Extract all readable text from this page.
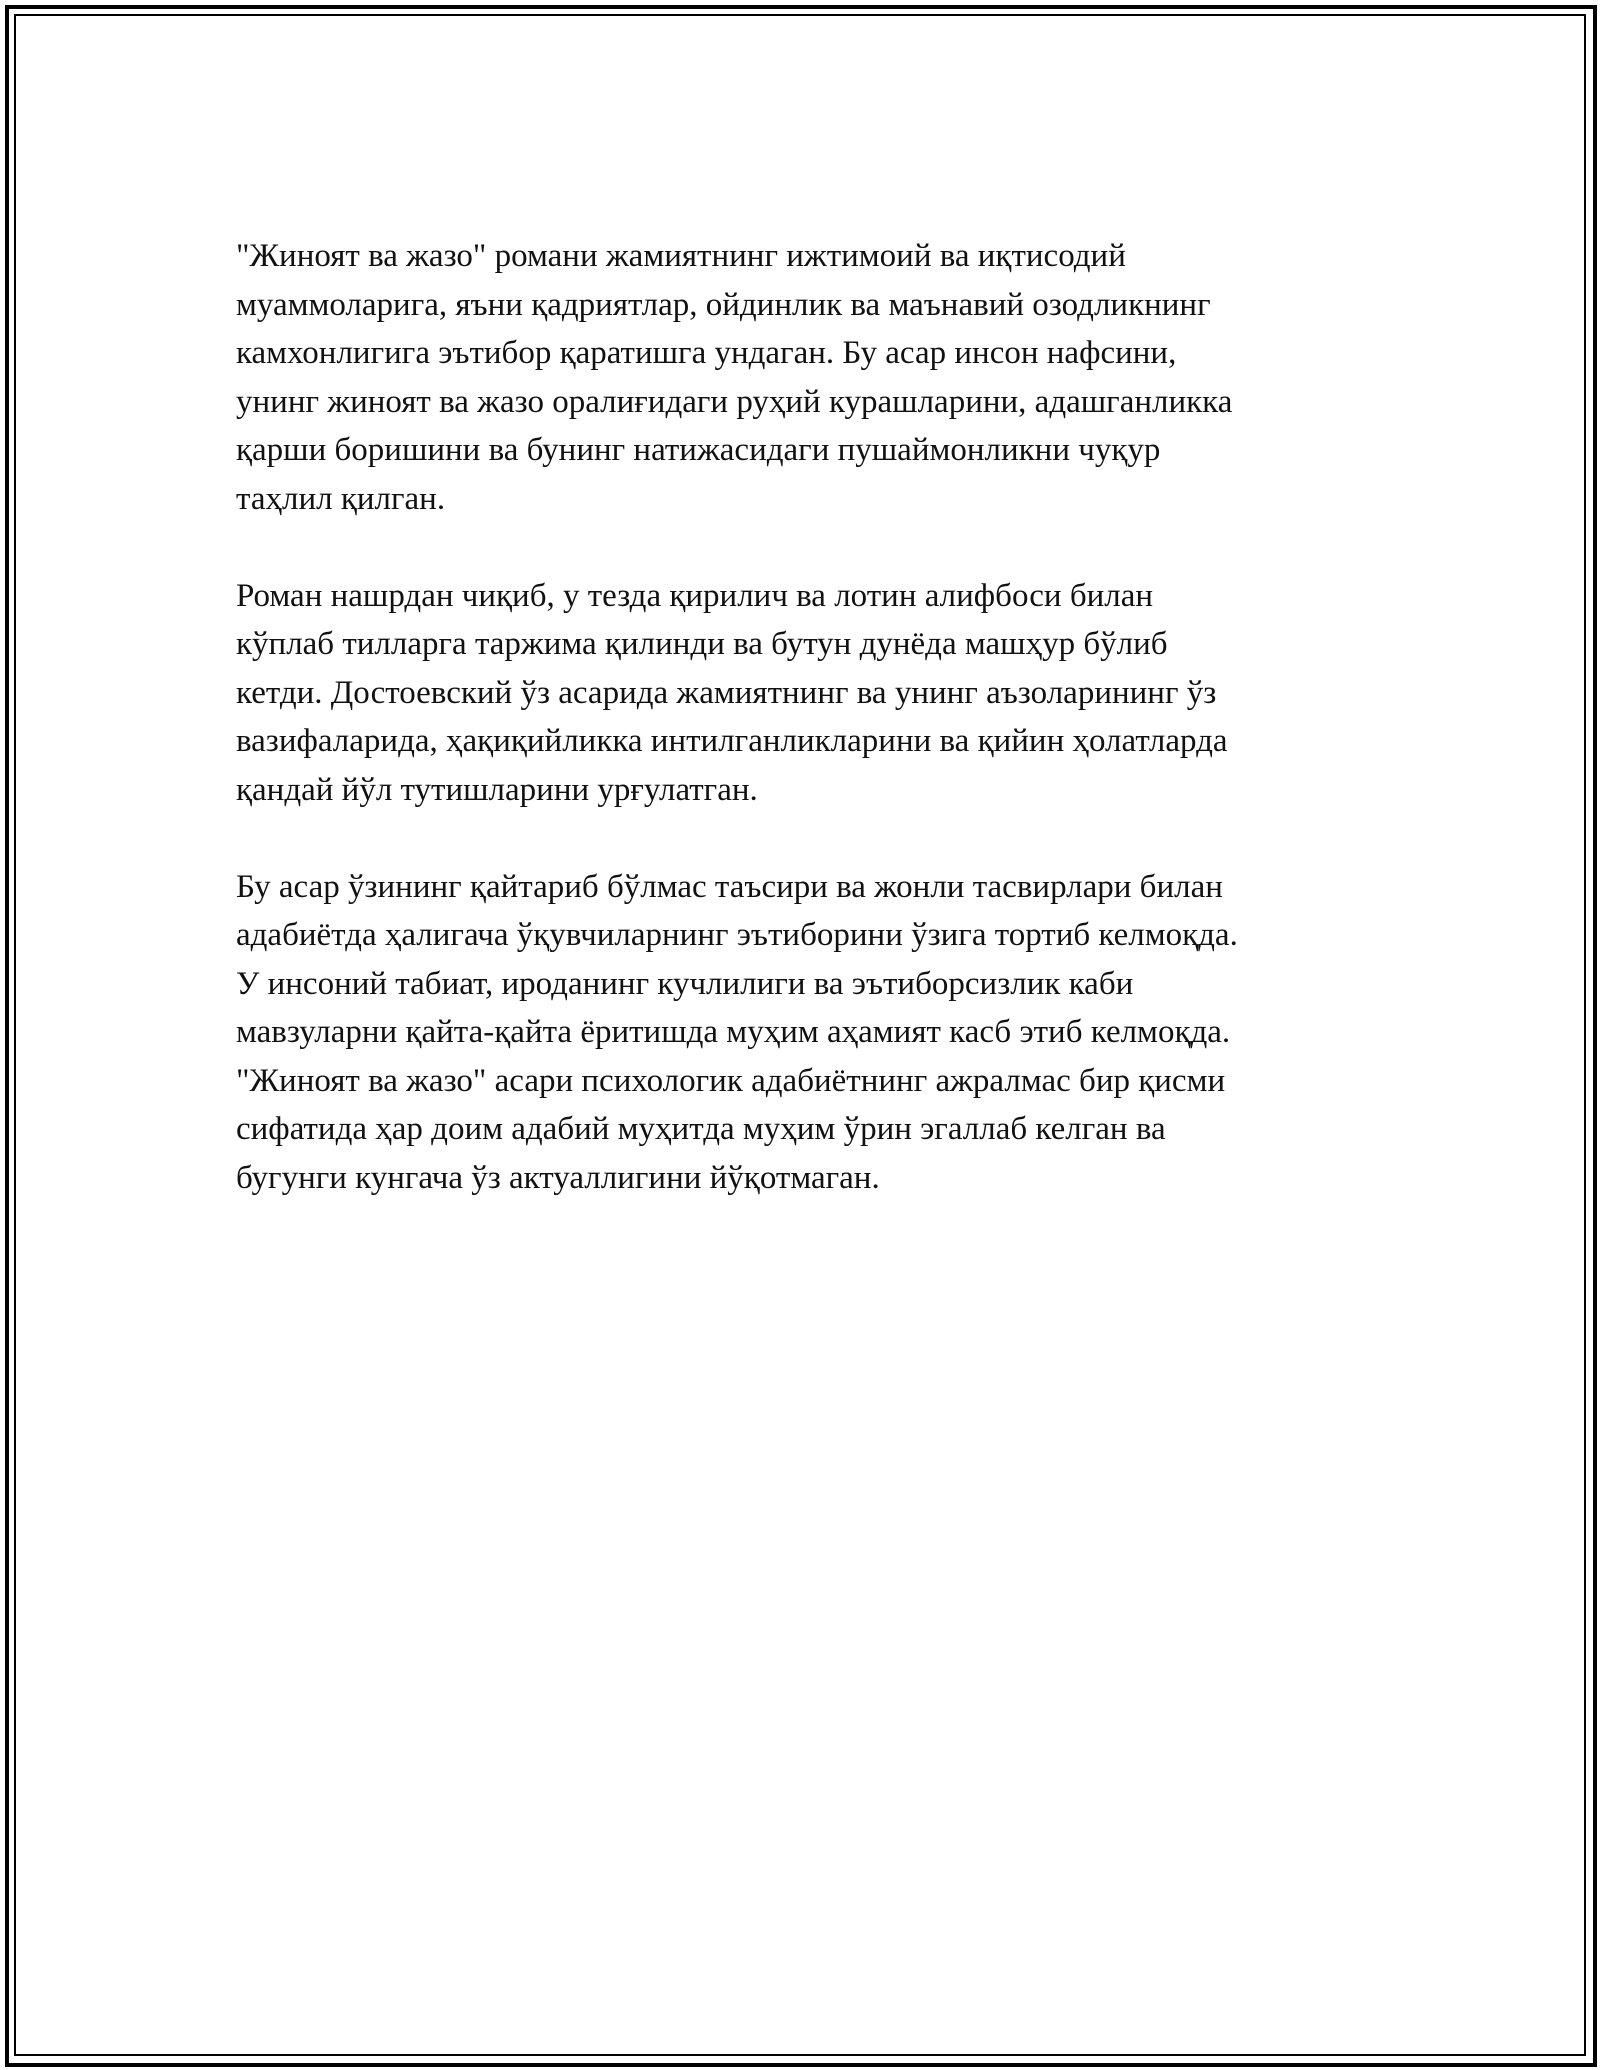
"Жиноят ва жазо" романи жамиятнинг ижтимоий ва иқтисодий
муаммоларига, яъни қадриятлар, ойдинлик ва маънавий озодликнинг
камхонлигига эътибор қаратишга ундаган. Бу асар инсон нафсини,
унинг жиноят ва жазо оралиғидаги руҳий курашларини, адашганликка
қарши боришини ва бунинг натижасидаги пушаймонликни чуқур
таҳлил қилган.

Роман нашрдан чиқиб, у тезда қирилич ва лотин алифбоси билан
кўплаб тилларга таржима қилинди ва бутун дунёда машҳур бўлиб
кетди. Достоевский ўз асарида жамиятнинг ва унинг аъзоларининг ўз
вазифаларида, ҳақиқийликка интилганликларини ва қийин ҳолатларда
қандай йўл тутишларини урғулатган.

Бу асар ўзининг қайтариб бўлмас таъсири ва жонли тасвирлари билан
адабиётда ҳалигача ўқувчиларнинг эътиборини ўзига тортиб келмоқда.
У инсоний табиат, ироданинг кучлилиги ва эътиборсизлик каби
мавзуларни қайта-қайта ёритишда муҳим аҳамият касб этиб келмоқда.
"Жиноят ва жазо" асари психологик адабиётнинг ажралмас бир қисми
сифатида ҳар доим адабий муҳитда муҳим ўрин эгаллаб келган ва
бугунги кунгача ўз актуаллигини йўқотмаган.
